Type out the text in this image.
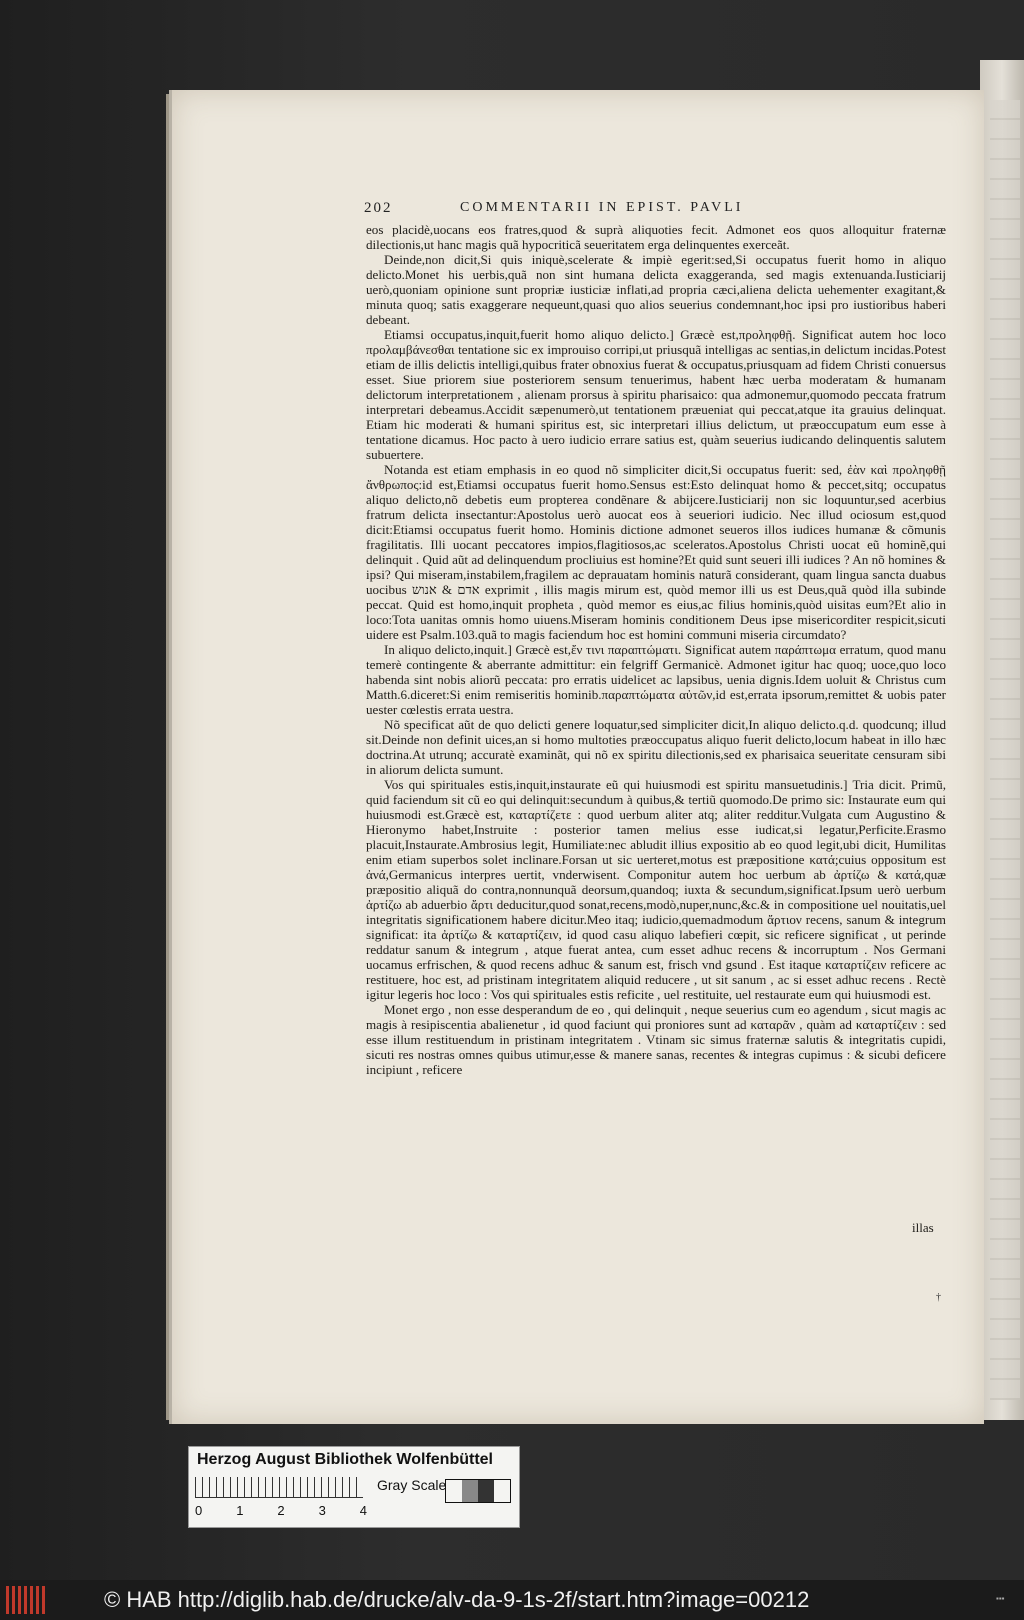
202	COMMENTARII IN EPIST. PAVLI

eos placidè,uocans eos fratres,quod & suprà aliquoties fecit. Admonet eos quos alloquitur fraternæ dilectionis,ut hanc magis quã hypocriticã seueritatem erga delinquentes exerceãt.

Deinde,non dicit,Si quis iniquè,scelerate & impiè egerit:sed,Si occupatus fuerit homo in aliquo delicto.Monet his uerbis,quã non sint humana delicta exaggeranda, sed magis extenuanda.Iusticiarij uerò,quoniam opinione sunt propriæ iusticiæ inflati,ad propria cæci,aliena delicta uehementer exagitant,& minuta quoq; satis exaggerare nequeunt,quasi quo alios seuerius condemnant,hoc ipsi pro iustioribus haberi debeant.

Etiamsi occupatus,inquit,fuerit homo aliquo delicto.] Græcè est,προληφθῇ. Significat autem hoc loco προλαμβάνεσθαι tentatione sic ex improuiso corripi,ut priusquã intelligas ac sentias,in delictum incidas.Potest etiam de illis delictis intelligi,quibus frater obnoxius fuerat & occupatus,priusquam ad fidem Christi conuersus esset. Siue priorem siue posteriorem sensum tenuerimus, habent hæc uerba moderatam & humanam delictorum interpretationem , alienam prorsus à spiritu pharisaico: qua admonemur,quomodo peccata fratrum interpretari debeamus.Accidit sæpenumerò,ut tentationem præueniat qui peccat,atque ita grauius delinquat. Etiam hic moderati & humani spiritus est, sic interpretari illius delictum, ut præoccupatum eum esse à tentatione dicamus. Hoc pacto à uero iudicio errare satius est, quàm seuerius iudicando delinquentis salutem subuertere.

Notanda est etiam emphasis in eo quod nõ simpliciter dicit,Si occupatus fuerit: sed, ἐὰν καὶ προληφθῇ ἄνθρωπος:id est,Etiamsi occupatus fuerit homo.Sensus est:Esto delinquat homo & peccet,sitq; occupatus aliquo delicto,nõ debetis eum propterea condẽnare & abijcere.Iusticiarij non sic loquuntur,sed acerbius fratrum delicta insectantur:Apostolus uerò auocat eos à seueriori iudicio. Nec illud ociosum est,quod dicit:Etiamsi occupatus fuerit homo. Hominis dictione admonet seueros illos iudices humanæ & cõmunis fragilitatis. Illi uocant peccatores impios,flagitiosos,ac sceleratos.Apostolus Christi uocat eũ hominẽ,qui delinquit . Quid aũt ad delinquendum procliuius est homine?Et quid sunt seueri illi iudices ? An nõ homines & ipsi? Qui miseram,instabilem,fragilem ac deprauatam hominis naturã considerant, quam lingua sancta duabus uocibus אדם & אנוש exprimit , illis magis mirum est, quòd memor illi us est Deus,quã quòd illa subinde peccat. Quid est homo,inquit propheta , quòd memor es eius,ac filius hominis,quòd uisitas eum?Et alio in loco:Tota uanitas omnis homo uiuens.Miseram hominis conditionem Deus ipse misericorditer respicit,sicuti uidere est Psalm.103.quã to magis faciendum hoc est homini communi miseria circumdato?

In aliquo delicto,inquit.] Græcè est,ἔν τινι παραπτώματι. Significat autem παράπτωμα erratum, quod manu temerè contingente & aberrante admittitur: ein felgriff Germanicè. Admonet igitur hac quoq; uoce,quo loco habenda sint nobis aliorũ peccata: pro erratis uidelicet ac lapsibus, uenia dignis.Idem uoluit & Christus cum Matth.6.diceret:Si enim remiseritis hominib.παραπτώματα αὐτῶν,id est,errata ipsorum,remittet & uobis pater uester cœlestis errata uestra.

Nõ specificat aũt de quo delicti genere loquatur,sed simpliciter dicit,In aliquo delicto.q.d. quodcunq; illud sit.Deinde non definit uices,an si homo multoties præoccupatus aliquo fuerit delicto,locum habeat in illo hæc doctrina.At utrunq; accuratè examinãt, qui nõ ex spiritu dilectionis,sed ex pharisaica seueritate censuram sibi in aliorum delicta sumunt.

Vos qui spirituales estis,inquit,instaurate eũ qui huiusmodi est spiritu mansuetudinis.] Tria dicit. Primũ, quid faciendum sit cũ eo qui delinquit:secundum à quibus,& tertiũ quomodo.De primo sic: Instaurate eum qui huiusmodi est.Græcè est, καταρτίζετε : quod uerbum aliter atq; aliter redditur.Vulgata cum Augustino & Hieronymo habet,Instruite : posterior tamen melius esse iudicat,si legatur,Perficite.Erasmo placuit,Instaurate.Ambrosius legit, Humiliate:nec abludit illius expositio ab eo quod legit,ubi dicit, Humilitas enim etiam superbos solet inclinare.Forsan ut sic uerteret,motus est præpositione κατά;cuius oppositum est ἀνά,Germanicus interpres uertit, vnderwisent. Componitur autem hoc uerbum ab ἀρτίζω & κατά,quæ præpositio aliquã do contra,nonnunquã deorsum,quandoq; iuxta & secundum,significat.Ipsum uerò uerbum ἀρτίζω ab aduerbio ἄρτι deducitur,quod sonat,recens,modò,nuper,nunc,&c.& in compositione uel nouitatis,uel integritatis significationem habere dicitur.Meo itaq; iudicio,quemadmodum ἄρτιον recens, sanum & integrum significat: ita ἀρτίζω & καταρτίζειν, id quod casu aliquo labefieri cœpit, sic reficere significat , ut perinde reddatur sanum & integrum , atque fuerat antea, cum esset adhuc recens & incorruptum . Nos Germani uocamus erfrischen, & quod recens adhuc & sanum est, frisch vnd gsund . Est itaque καταρτίζειν reficere ac restituere, hoc est, ad pristinam integritatem aliquid reducere , ut sit sanum , ac si esset adhuc recens . Rectè igitur legeris hoc loco : Vos qui spirituales estis reficite , uel restituite, uel restaurate eum qui huiusmodi est.

Monet ergo , non esse desperandum de eo , qui delinquit , neque seuerius cum eo agendum , sicut magis ac magis à resipiscentia abalienetur , id quod faciunt qui proniores sunt ad καταρᾶν , quàm ad καταρτίζειν : sed esse illum restituendum in pristinam integritatem . Vtinam sic simus fraternæ salutis & integritatis cupidi, sicuti res nostras omnes quibus utimur,esse & manere sanas, recentes & integras cupimus : & sicubi deficere incipiunt , reficere

illas
†
Herzog August Bibliothek Wolfenbüttel
0	1	2	3	4
Gray Scale
© HAB http://diglib.hab.de/drucke/alv-da-9-1s-2f/start.htm?image=00212	▪▪▪
